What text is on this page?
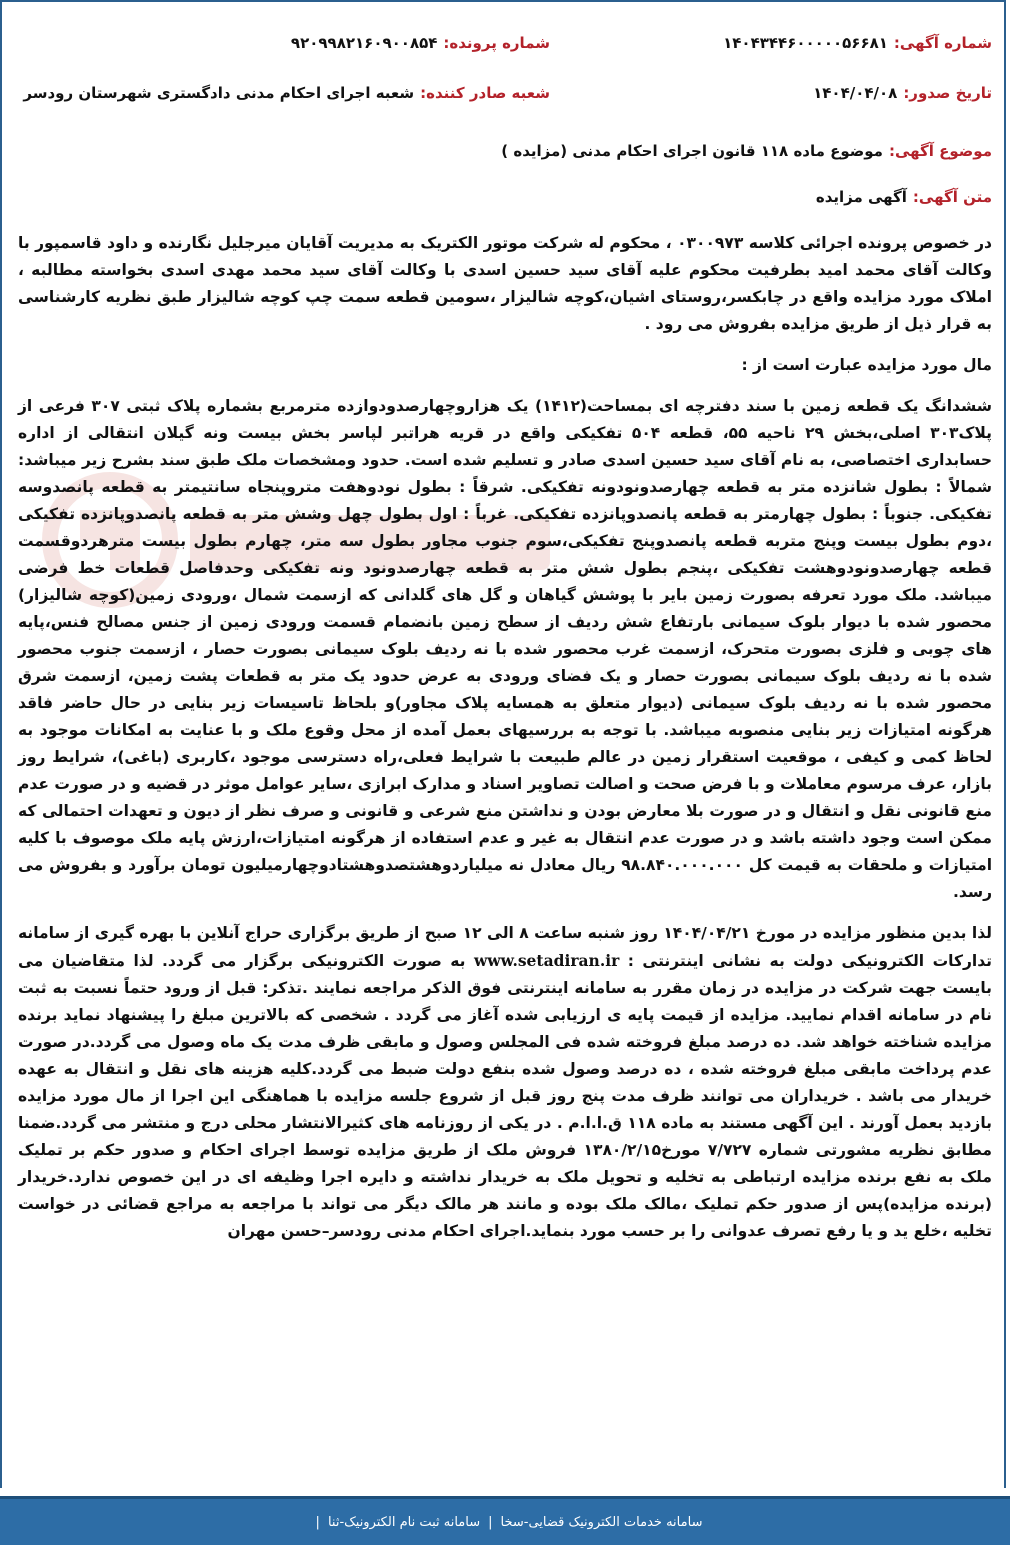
شماره آگهی:
۱۴۰۴۳۴۴۶۰۰۰۰۰۵۶۶۸۱
شماره پرونده:
۹۲۰۹۹۸۲۱۶۰۹۰۰۸۵۴
تاریخ صدور:
۱۴۰۴/۰۴/۰۸
شعبه صادر کننده:
شعبه اجرای احکام مدنی دادگستری شهرستان رودسر
موضوع آگهی:
موضوع ماده ۱۱۸ قانون اجرای احکام مدنی (مزایده )
متن آگهی:
آگهی مزایده

در خصوص پرونده اجرائی کلاسه ۰۳۰۰۹۷۳ ، محکوم له شرکت موتور الکتریک به مدیریت آقایان میرجلیل نگارنده و داود قاسمپور با وکالت آقای محمد امید بطرفیت محکوم علیه آقای سید حسین اسدی با وکالت آقای سید محمد مهدی اسدی بخواسته مطالبه ، املاک مورد مزایده واقع در چابکسر،روستای اشیان،کوچه شالیزار ،سومین قطعه سمت چپ کوچه شالیزار طبق نظریه کارشناسی به قرار ذیل از طریق مزایده بفروش می رود .

مال مورد مزایده عبارت است از :

ششدانگ یک قطعه زمین با سند دفترچه ای بمساحت(۱۴۱۲) یک هزاروچهارصدودوازده مترمربع بشماره پلاک ثبتی ۳۰۷ فرعی از پلاک۳۰۳ اصلی،بخش ۲۹ ناحیه ۵۵، قطعه ۵۰۴ تفکیکی واقع در قریه هراتبر لپاسر بخش بیست ونه گیلان انتقالی از اداره حسابداری اختصاصی، به نام آقای سید حسین اسدی صادر و تسلیم شده است. حدود ومشخصات ملک طبق سند بشرح زیر میباشد: شمالاً : بطول شانزده متر به قطعه چهارصدونودونه تفکیکی. شرقاً : بطول نودوهفت متروپنجاه سانتیمتر به قطعه پانصدوسه تفکیکی. جنوباً : بطول چهارمتر به قطعه پانصدوپانزده تفکیکی. غرباً : اول بطول چهل وشش متر به قطعه پانصدوپانزده تفکیکی ،دوم بطول بیست وپنج متربه قطعه پانصدوپنج تفکیکی،سوم جنوب مجاور بطول سه متر، چهارم بطول بیست مترهردوقسمت قطعه چهارصدونودوهشت تفکیکی ،پنجم بطول شش متر به قطعه چهارصدونود ونه تفکیکی وحدفاصل قطعات خط فرضی میباشد. ملک مورد تعرفه بصورت زمین بایر با پوشش گیاهان و گل های گلدانی که ازسمت شمال ،ورودی زمین(کوچه شالیزار) محصور شده با دیوار بلوک سیمانی بارتفاع شش ردیف از سطح زمین بانضمام قسمت ورودی زمین از جنس مصالح فنس،پایه های چوبی و فلزی بصورت متحرک، ازسمت غرب محصور شده با نه ردیف بلوک سیمانی بصورت حصار ، ازسمت جنوب محصور شده با نه ردیف بلوک سیمانی بصورت حصار و یک فضای ورودی به عرض حدود یک متر به قطعات پشت زمین، ازسمت شرق محصور شده با نه ردیف بلوک سیمانی (دیوار متعلق به همسایه پلاک مجاور)و بلحاظ تاسیسات زیر بنایی در حال حاضر فاقد هرگونه امتیازات زیر بنایی منصوبه میباشد. با توجه به بررسیهای بعمل آمده از محل وقوع ملک و با عنایت به امکانات موجود به لحاظ کمی و کیفی ، موقعیت استقرار زمین در عالم طبیعت با شرایط فعلی،راه دسترسی موجود ،کاربری (باغی)، شرایط روز بازار، عرف مرسوم معاملات و با فرض صحت و اصالت تصاویر اسناد و مدارک ابرازی ،سایر عوامل موثر در قضیه و در صورت عدم منع قانونی نقل و انتقال و در صورت بلا معارض بودن و نداشتن منع شرعی و قانونی و صرف نظر از دیون و تعهدات احتمالی که ممکن است وجود داشته باشد و در صورت عدم انتقال به غیر و عدم استفاده از هرگونه امتیازات،ارزش پایه ملک موصوف با کلیه امتیازات و ملحقات به قیمت کل ۹۸.۸۴۰.۰۰۰.۰۰۰ ریال معادل نه میلیاردوهشتصدوهشتادوچهارمیلیون تومان برآورد و بفروش می رسد.

لذا بدین منظور مزایده در مورخ ۱۴۰۴/۰۴/۲۱ روز شنبه ساعت ۸ الی ۱۲ صبح از طریق برگزاری حراج آنلاین با بهره گیری از سامانه تدارکات الکترونیکی دولت به نشانی اینترنتی : www.setadiran.ir به صورت الکترونیکی برگزار می گردد. لذا متقاضیان می بایست جهت شرکت در مزایده در زمان مقرر به سامانه اینترنتی فوق الذکر مراجعه نمایند .تذکر: قبل از ورود حتماً نسبت به ثبت نام در سامانه اقدام نمایید. مزایده از قیمت پایه ی ارزیابی شده آغاز می گردد . شخصی که بالاترین مبلغ را پیشنهاد نماید برنده مزایده شناخته خواهد شد. ده درصد مبلغ فروخته شده فی المجلس وصول و مابقی ظرف مدت یک ماه وصول می گردد.در صورت عدم پرداخت مابقی مبلغ فروخته شده ، ده درصد وصول شده بنفع دولت ضبط می گردد.کلیه هزینه های نقل و انتقال به عهده خریدار می باشد . خریداران می توانند ظرف مدت پنج روز قبل از شروع جلسه مزایده با هماهنگی این اجرا از مال مورد مزایده بازدید بعمل آورند . این آگهی مستند به ماده ۱۱۸ ق.ا.ا.م . در یکی از روزنامه های کثیرالانتشار محلی درج و منتشر می گردد.ضمنا مطابق نظریه مشورتی شماره ۷/۷۲۷ مورخ۱۳۸۰/۲/۱۵ فروش ملک از طریق مزایده توسط اجرای احکام و صدور حکم بر تملیک ملک به نفع برنده مزایده ارتباطی به تخلیه و تحویل ملک به خریدار نداشته و دایره اجرا وظیفه ای در این خصوص ندارد.خریدار (برنده مزایده)پس از صدور حکم تملیک ،مالک ملک بوده و مانند هر مالک دیگر می تواند با مراجعه به مراجع قضائی در خواست تخلیه ،خلع ید و یا رفع تصرف عدوانی را بر حسب مورد بنماید.اجرای احکام مدنی رودسر–حسن مهران

سامانه خدمات الکترونیک قضایی-سخا
|
سامانه ثبت نام الکترونیک-ثنا
|
